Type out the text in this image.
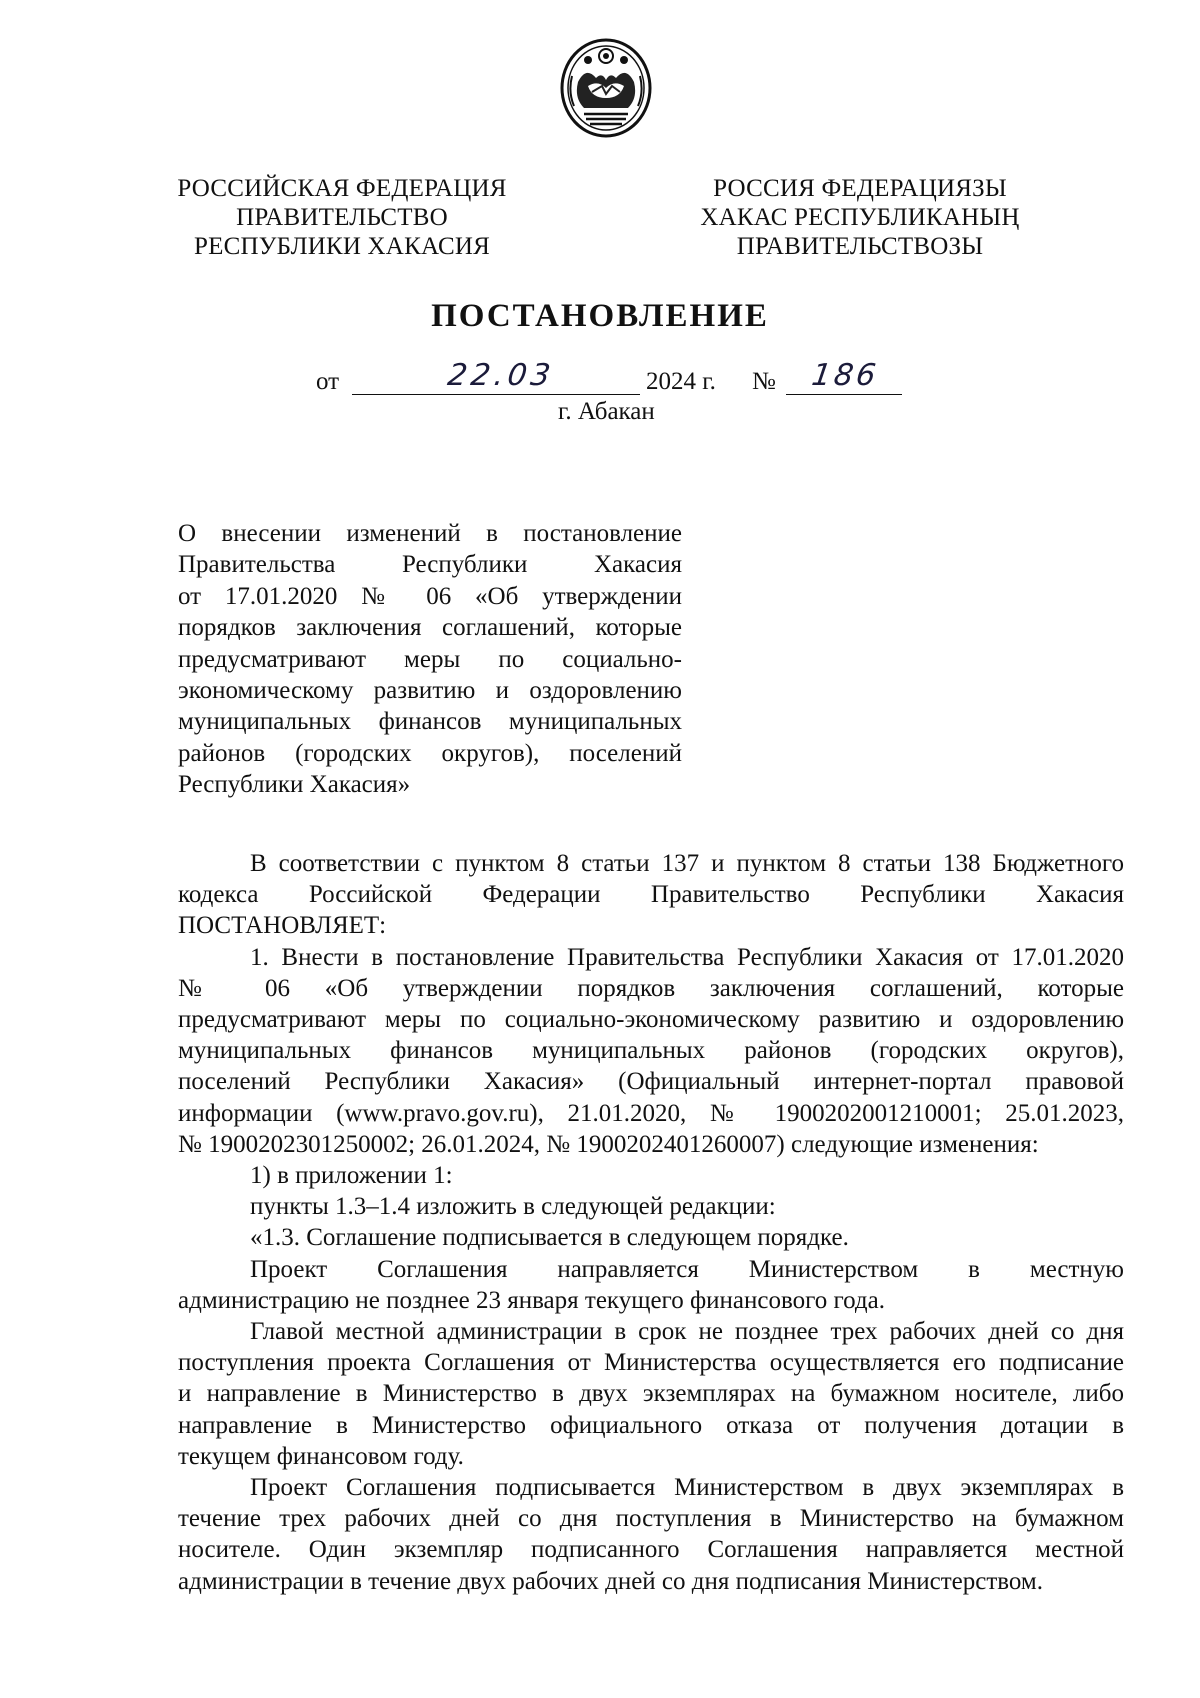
РОССИЙСКАЯ ФЕДЕРАЦИЯ
ПРАВИТЕЛЬСТВО
РЕСПУБЛИКИ ХАКАСИЯ
РОССИЯ ФЕДЕРАЦИЯЗЫ
ХАКАС РЕСПУБЛИКАНЫҢ
ПРАВИТЕЛЬСТВОЗЫ
ПОСТАНОВЛЕНИЕ
от	22.03	2024 г. № 186
г. Абакан
О внесении изменений в постановление
Правительства Республики Хакасия
от 17.01.2020 № 06 «Об утверждении
порядков заключения соглашений, которые
предусматривают меры по социально-
экономическому развитию и оздоровлению
муниципальных финансов муниципальных
районов (городских округов), поселений
Республики Хакасия»
В соответствии с пунктом 8 статьи 137 и пунктом 8 статьи 138 Бюджетного
кодекса Российской Федерации Правительство Республики Хакасия
ПОСТАНОВЛЯЕТ:
1. Внести в постановление Правительства Республики Хакасия от 17.01.2020
№ 06 «Об утверждении порядков заключения соглашений, которые
предусматривают меры по социально-экономическому развитию и оздоровлению
муниципальных финансов муниципальных районов (городских округов),
поселений Республики Хакасия» (Официальный интернет-портал правовой
информации (www.pravo.gov.ru), 21.01.2020, № 1900202001210001; 25.01.2023,
№ 1900202301250002; 26.01.2024, № 1900202401260007) следующие изменения:
1) в приложении 1:
пункты 1.3–1.4 изложить в следующей редакции:
«1.3. Соглашение подписывается в следующем порядке.
Проект Соглашения направляется Министерством в местную
администрацию не позднее 23 января текущего финансового года.
Главой местной администрации в срок не позднее трех рабочих дней со дня
поступления проекта Соглашения от Министерства осуществляется его подписание
и направление в Министерство в двух экземплярах на бумажном носителе, либо
направление в Министерство официального отказа от получения дотации в
текущем финансовом году.
Проект Соглашения подписывается Министерством в двух экземплярах в
течение трех рабочих дней со дня поступления в Министерство на бумажном
носителе. Один экземпляр подписанного Соглашения направляется местной
администрации в течение двух рабочих дней со дня подписания Министерством.
